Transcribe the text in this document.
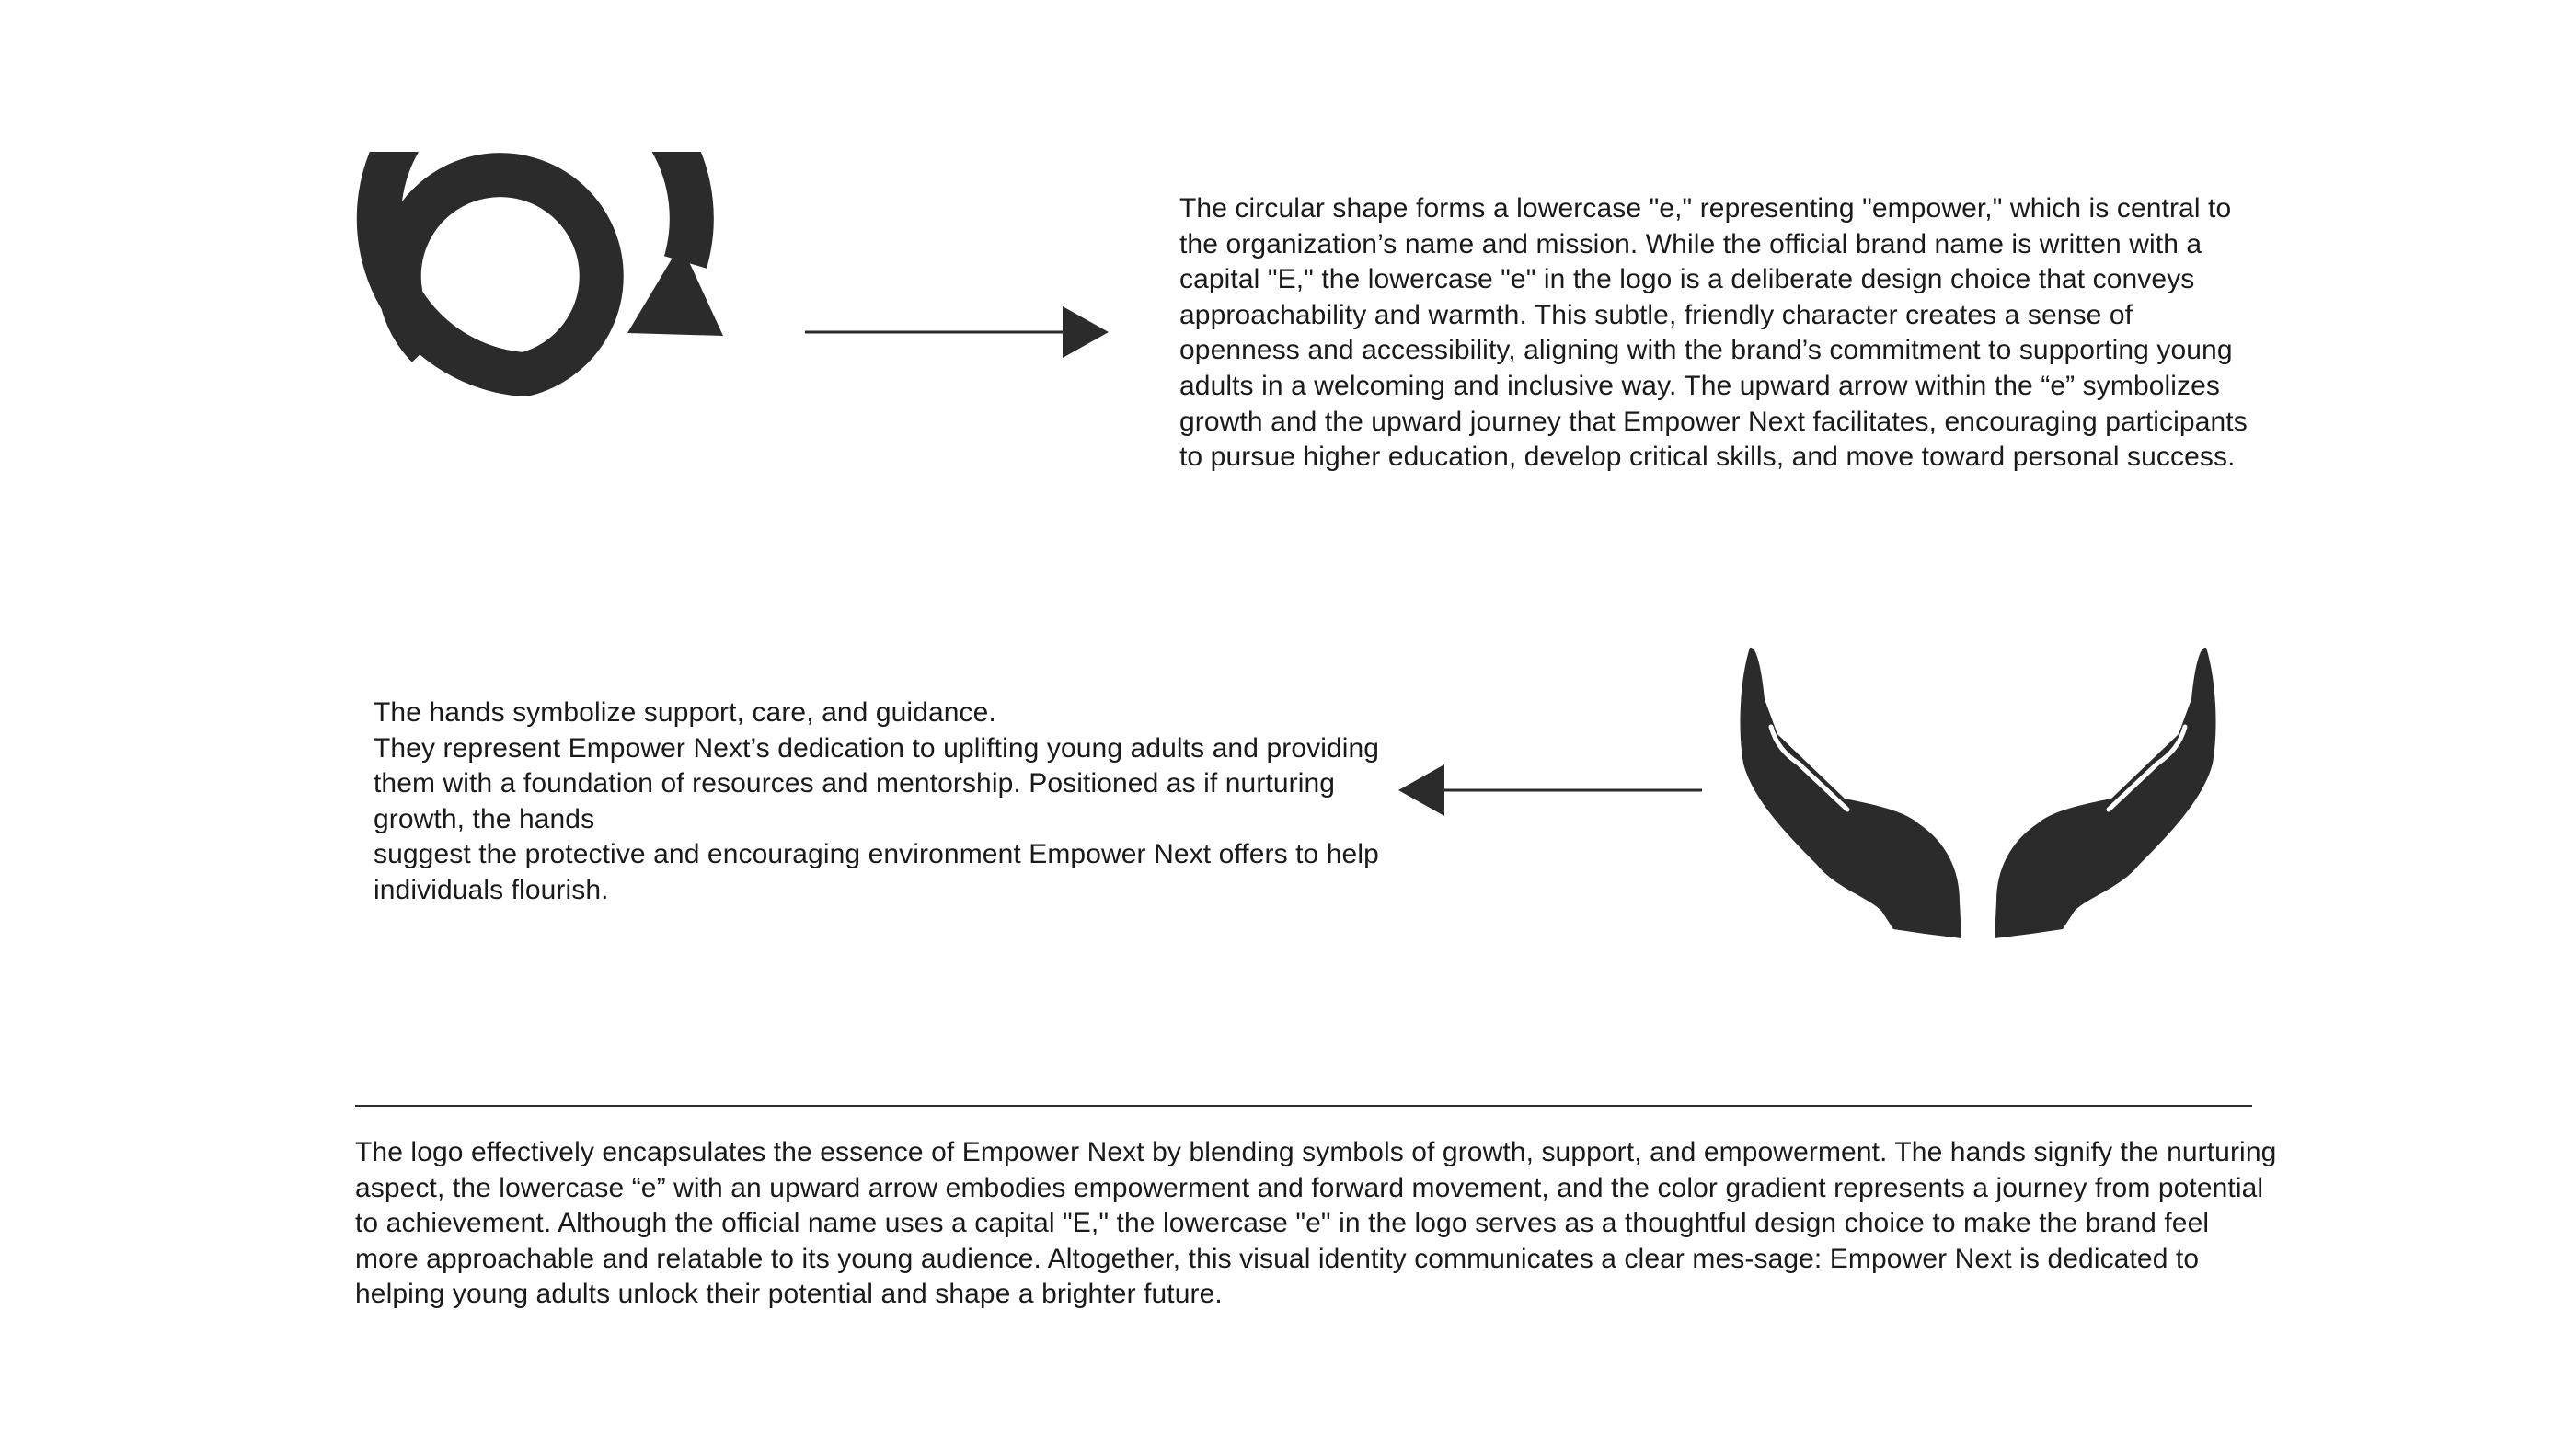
The circular shape forms a lowercase "e," representing "empower," which is central to the organization’s name and mission. While the official brand name is written with a capital "E," the lowercase "e" in the logo is a deliberate design choice that conveys approachability and warmth. This subtle, friendly character creates a sense of openness and accessibility, aligning with the brand’s commitment to supporting young adults in a welcoming and inclusive way. The upward arrow within the “e” symbolizes growth and the upward journey that Empower Next facilitates, encouraging participants to pursue higher education, develop critical skills, and move toward personal success.

The hands symbolize support, care, and guidance.

They represent Empower Next’s dedication to uplifting young adults and providing them with a foundation of resources and mentorship. Positioned as if nurturing growth, the hands

suggest the protective and encouraging environment Empower Next offers to help individuals flourish.

The logo effectively encapsulates the essence of Empower Next by blending symbols of growth, support, and empowerment. The hands signify the nurturing aspect, the lowercase “e” with an upward arrow embodies empowerment and forward movement, and the color gradient represents a journey from potential to achievement. Although the official name uses a capital "E," the lowercase "e" in the logo serves as a thoughtful design choice to make the brand feel more approachable and relatable to its young audience. Altogether, this visual identity communicates a clear mes-sage: Empower Next is dedicated to helping young adults unlock their potential and shape a brighter future.
